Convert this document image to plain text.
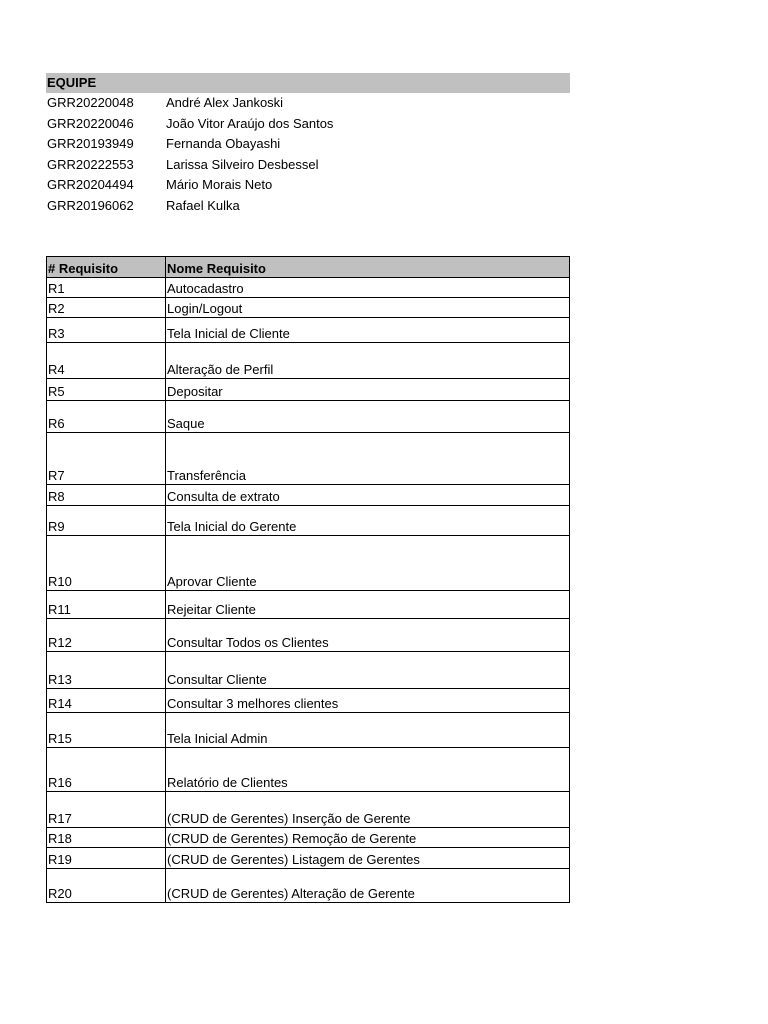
EQUIPE
GRR20220048 André Alex Jankoski
GRR20220046 João Vitor Araújo dos Santos
GRR20193949 Fernanda Obayashi
GRR20222553 Larissa Silveiro Desbessel
GRR20204494 Mário Morais Neto
GRR20196062 Rafael Kulka
# Requisito	Nome Requisito
R1	Autocadastro
R2	Login/Logout
R3	Tela Inicial de Cliente
R4	Alteração de Perfil
R5	Depositar
R6	Saque
R7	Transferência
R8	Consulta de extrato
R9	Tela Inicial do Gerente
R10	Aprovar Cliente
R11	Rejeitar Cliente
R12	Consultar Todos os Clientes
R13	Consultar Cliente
R14	Consultar 3 melhores clientes
R15	Tela Inicial Admin
R16	Relatório de Clientes
R17	(CRUD de Gerentes) Inserção de Gerente
R18	(CRUD de Gerentes) Remoção de Gerente
R19	(CRUD de Gerentes) Listagem de Gerentes
R20	(CRUD de Gerentes) Alteração de Gerente
